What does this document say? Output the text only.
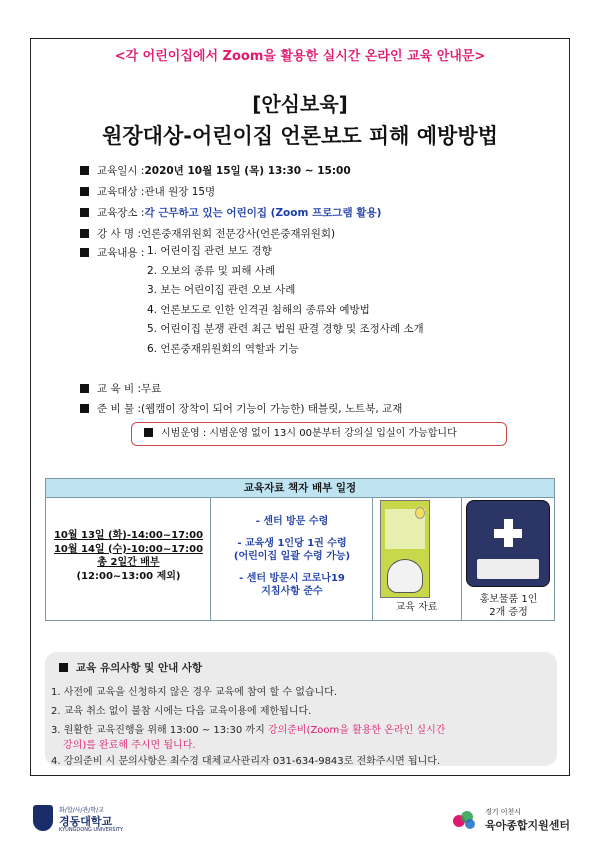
<각 어린이집에서 Zoom을 활용한 실시간 온라인 교육 안내문>
[안심보육]
원장대상-어린이집 언론보도 피해 예방방법
교육일시 : 2020년 10월 15일 (목) 13:30 ~ 15:00
교육대상 : 관내 원장 15명
교육장소 : 각 근무하고 있는 어린이집 (Zoom 프로그램 활용)
강 사 명 : 언론중재위원회 전문강사(언론중재위원회)
교육내용 : 1. 어린이집 관련 보도 경향
2. 오보의 종류 및 피해 사례
3. 보는 어린이집 관련 오보 사례
4. 언론보도로 인한 인격권 침해의 종류와 예방법
5. 어린이집 분쟁 관련 최근 법원 판결 경향 및 조정사례 소개
6. 언론중재위원회의 역할과 기능
교 육 비 : 무료
준 비 물 : (웹캠이 장착이 되어 기능이 가능한) 태블릿, 노트북, 교재
시범운영 : 시범운영 없이 13시 00분부터 강의실 입실이 가능합니다
교육자료 책자 배부 일정
10월 13일 (화)-14:00~17:00
10월 14일 (수)-10:00~17:00
총 2일간 배부
(12:00~13:00 제외)
- 센터 방문 수령
- 교육생 1인당 1권 수령
(어린이집 일괄 수령 가능)
- 센터 방문시 코로나19
지침사항 준수
교육 자료
홍보물품 1인
2개 증정
교육 유의사항 및 안내 사항
1. 사전에 교육을 신청하지 않은 경우 교육에 참여 할 수 없습니다.
2. 교육 취소 없이 불참 시에는 다음 교육이용에 제한됩니다.
3. 원활한 교육진행을 위해 13:00 ~ 13:30 까지 강의준비(Zoom을 활용한 온라인 실시간
강의)를 완료해 주시면 됩니다.
4. 강의준비 시 문의사항은 최수경 대체교사관리자 031-634-9843로 전화주시면 됩니다.
화/합/사/관/학/교
경동대학교
KYUNGDONG UNIVERSITY
경기 이천시
육아종합지원센터
